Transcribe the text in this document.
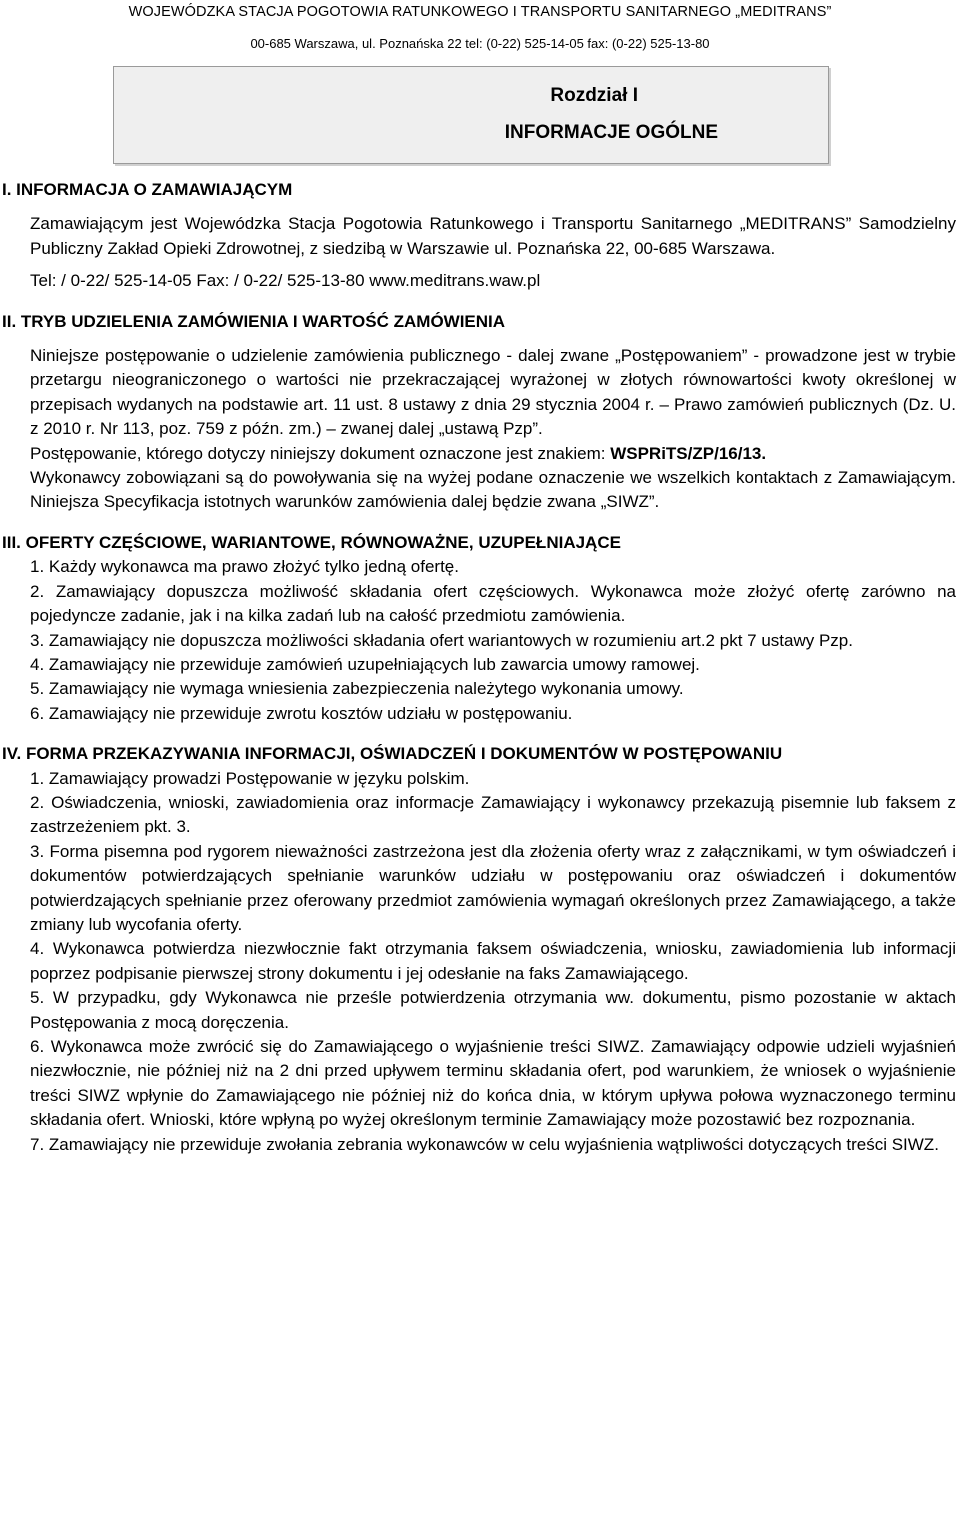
WOJEWÓDZKA STACJA POGOTOWIA RATUNKOWEGO I TRANSPORTU SANITARNEGO „MEDITRANS”
00-685 Warszawa, ul. Poznańska 22 tel: (0-22) 525-14-05 fax: (0-22) 525-13-80
Rozdział I
INFORMACJE OGÓLNE

I. INFORMACJA O ZAMAWIAJĄCYM

Zamawiającym jest Wojewódzka Stacja Pogotowia Ratunkowego i Transportu Sanitarnego „MEDITRANS” Samodzielny Publiczny Zakład Opieki Zdrowotnej, z siedzibą w Warszawie ul. Poznańska 22, 00-685 Warszawa.

Tel: / 0-22/ 525-14-05 Fax: / 0-22/ 525-13-80 www.meditrans.waw.pl

II. TRYB UDZIELENIA ZAMÓWIENIA I WARTOŚĆ ZAMÓWIENIA

Niniejsze postępowanie o udzielenie zamówienia publicznego - dalej zwane „Postępowaniem” - prowadzone jest w trybie przetargu nieograniczonego o wartości nie przekraczającej wyrażonej w złotych równowartości kwoty określonej w przepisach wydanych na podstawie art. 11 ust. 8 ustawy z dnia 29 stycznia 2004 r. – Prawo zamówień publicznych (Dz. U. z 2010 r. Nr 113, poz. 759 z późn. zm.) – zwanej dalej „ustawą Pzp”.

Postępowanie, którego dotyczy niniejszy dokument oznaczone jest znakiem: WSPRiTS/ZP/16/13.

Wykonawcy zobowiązani są do powoływania się na wyżej podane oznaczenie we wszelkich kontaktach z Zamawiającym. Niniejsza Specyfikacja istotnych warunków zamówienia dalej będzie zwana „SIWZ”.

III. OFERTY CZĘŚCIOWE, WARIANTOWE, RÓWNOWAŻNE, UZUPEŁNIAJĄCE

1. Każdy wykonawca ma prawo złożyć tylko jedną ofertę.

2. Zamawiający dopuszcza możliwość składania ofert częściowych. Wykonawca może złożyć ofertę zarówno na pojedyncze zadanie, jak i na kilka zadań lub na całość przedmiotu zamówienia.

3. Zamawiający nie dopuszcza możliwości składania ofert wariantowych w rozumieniu art.2 pkt 7 ustawy Pzp.

4. Zamawiający nie przewiduje zamówień uzupełniających lub zawarcia umowy ramowej.

5. Zamawiający nie wymaga wniesienia zabezpieczenia należytego wykonania umowy.

6. Zamawiający nie przewiduje zwrotu kosztów udziału w postępowaniu.

IV. FORMA PRZEKAZYWANIA INFORMACJI, OŚWIADCZEŃ I DOKUMENTÓW W POSTĘPOWANIU

1. Zamawiający prowadzi Postępowanie w języku polskim.

2. Oświadczenia, wnioski, zawiadomienia oraz informacje Zamawiający i wykonawcy przekazują pisemnie lub faksem z zastrzeżeniem pkt. 3.

3. Forma pisemna pod rygorem nieważności zastrzeżona jest dla złożenia oferty wraz z załącznikami, w tym oświadczeń i dokumentów potwierdzających spełnianie warunków udziału w postępowaniu oraz oświadczeń i dokumentów potwierdzających spełnianie przez oferowany przedmiot zamówienia wymagań określonych przez Zamawiającego, a także zmiany lub wycofania oferty.

4. Wykonawca potwierdza niezwłocznie fakt otrzymania faksem oświadczenia, wniosku, zawiadomienia lub informacji poprzez podpisanie pierwszej strony dokumentu i jej odesłanie na faks Zamawiającego.

5. W przypadku, gdy Wykonawca nie prześle potwierdzenia otrzymania ww. dokumentu, pismo pozostanie w aktach Postępowania z mocą doręczenia.

6. Wykonawca może zwrócić się do Zamawiającego o wyjaśnienie treści SIWZ. Zamawiający odpowie udzieli wyjaśnień niezwłocznie, nie później niż na 2 dni przed upływem terminu składania ofert, pod warunkiem, że wniosek o wyjaśnienie treści SIWZ wpłynie do Zamawiającego nie później niż do końca dnia, w którym upływa połowa wyznaczonego terminu składania ofert. Wnioski, które wpłyną po wyżej określonym terminie Zamawiający może pozostawić bez rozpoznania.

7. Zamawiający nie przewiduje zwołania zebrania wykonawców w celu wyjaśnienia wątpliwości dotyczących treści SIWZ.
